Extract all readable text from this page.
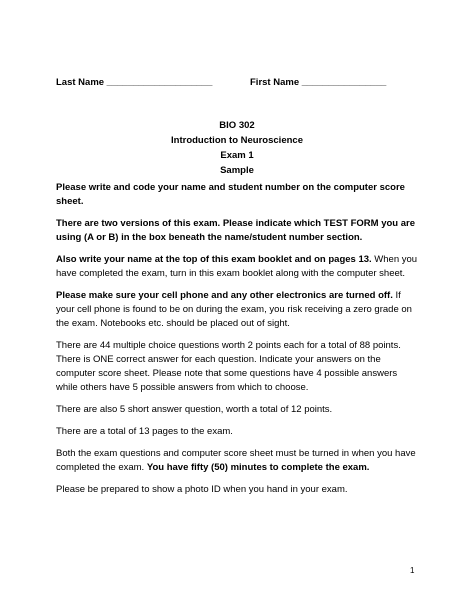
Last Name ____________________	First Name ________________
BIO 302
Introduction to Neuroscience
Exam 1
Sample

Please write and code your name and student number on the computer score sheet.

There are two versions of this exam. Please indicate which TEST FORM you are using (A or B) in the box beneath the name/student number section.

Also write your name at the top of this exam booklet and on pages 13. When you have completed the exam, turn in this exam booklet along with the computer sheet.

Please make sure your cell phone and any other electronics are turned off. If your cell phone is found to be on during the exam, you risk receiving a zero grade on the exam. Notebooks etc. should be placed out of sight.

There are 44 multiple choice questions worth 2 points each for a total of 88 points. There is ONE correct answer for each question. Indicate your answers on the computer score sheet. Please note that some questions have 4 possible answers while others have 5 possible answers from which to choose.

There are also 5 short answer question, worth a total of 12 points.

There are a total of 13 pages to the exam.

Both the exam questions and computer score sheet must be turned in when you have completed the exam. You have fifty (50) minutes to complete the exam.

Please be prepared to show a photo ID when you hand in your exam.

1
